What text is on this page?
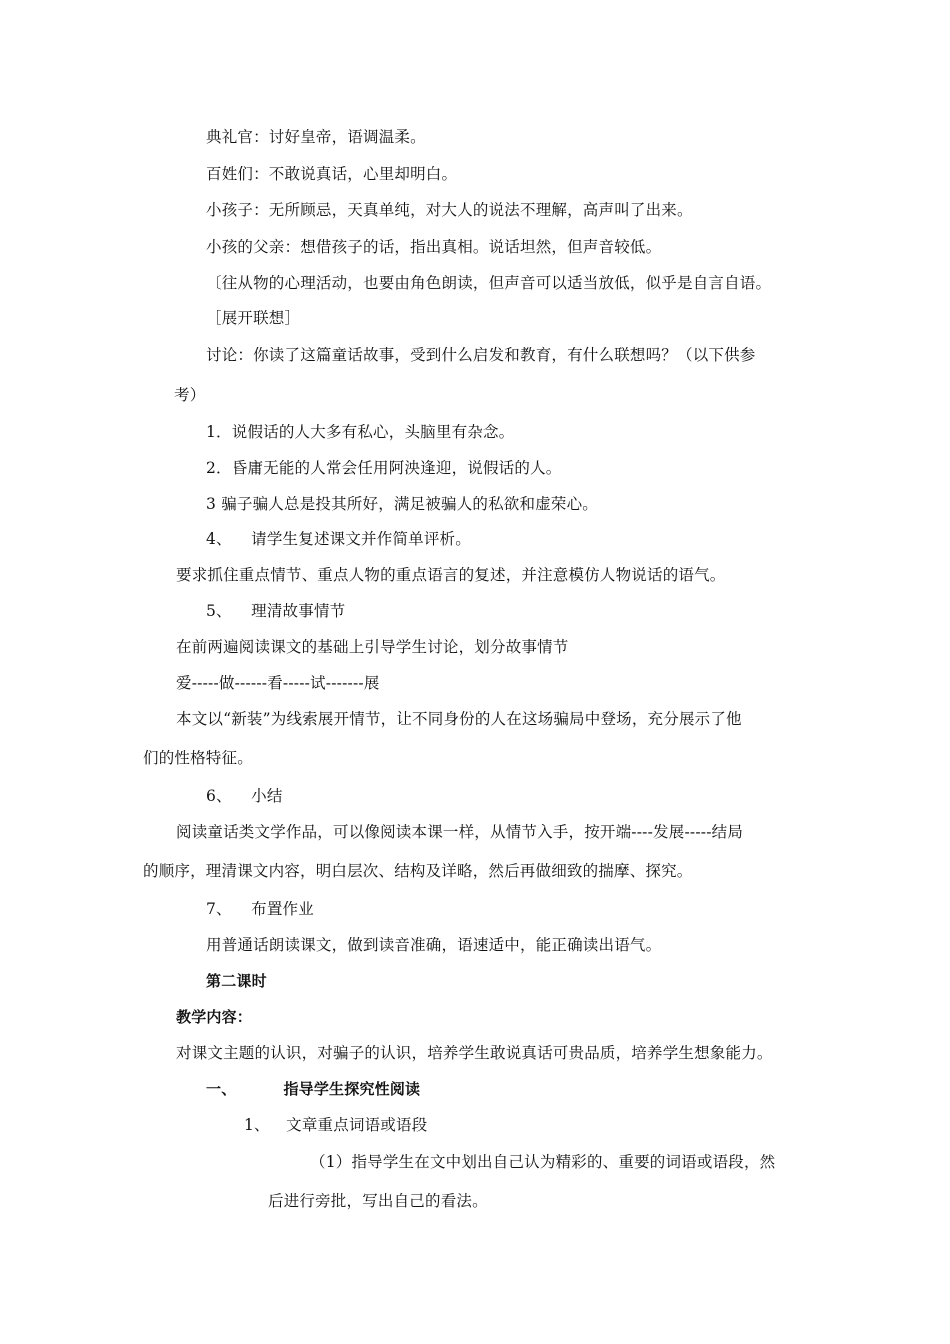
典礼官：讨好皇帝，语调温柔。
百姓们：不敢说真话，心里却明白。
小孩子：无所顾忌，天真单纯，对大人的说法不理解，高声叫了出来。
小孩的父亲：想借孩子的话，指出真相。说话坦然，但声音较低。
〔往从物的心理活动，也要由角色朗读，但声音可以适当放低，似乎是自言自语。
［展开联想］
讨论：你读了这篇童话故事，受到什么启发和教育，有什么联想吗？（以下供参
考）
1．说假话的人大多有私心，头脑里有杂念。
2．昏庸无能的人常会任用阿泱逢迎，说假话的人。
3 骗子骗人总是投其所好，满足被骗人的私欲和虚荣心。
4、 请学生复述课文并作简单评析。
要求抓住重点情节、重点人物的重点语言的复述，并注意模仿人物说话的语气。
5、 理清故事情节
在前两遍阅读课文的基础上引导学生讨论，划分故事情节
爱-----做------看-----试-------展
本文以“新装”为线索展开情节，让不同身份的人在这场骗局中登场，充分展示了他
们的性格特征。
6、 小结
阅读童话类文学作品，可以像阅读本课一样，从情节入手，按开端----发展-----结局
的顺序，理清课文内容，明白层次、结构及详略，然后再做细致的揣摩、探究。
7、 布置作业
用普通话朗读课文，做到读音准确，语速适中，能正确读出语气。
第二课时
教学内容：
对课文主题的认识，对骗子的认识，培养学生敢说真话可贵品质，培养学生想象能力。
一、	指导学生探究性阅读
1、 文章重点词语或语段
（1）指导学生在文中划出自己认为精彩的、重要的词语或语段，然
后进行旁批，写出自己的看法。
